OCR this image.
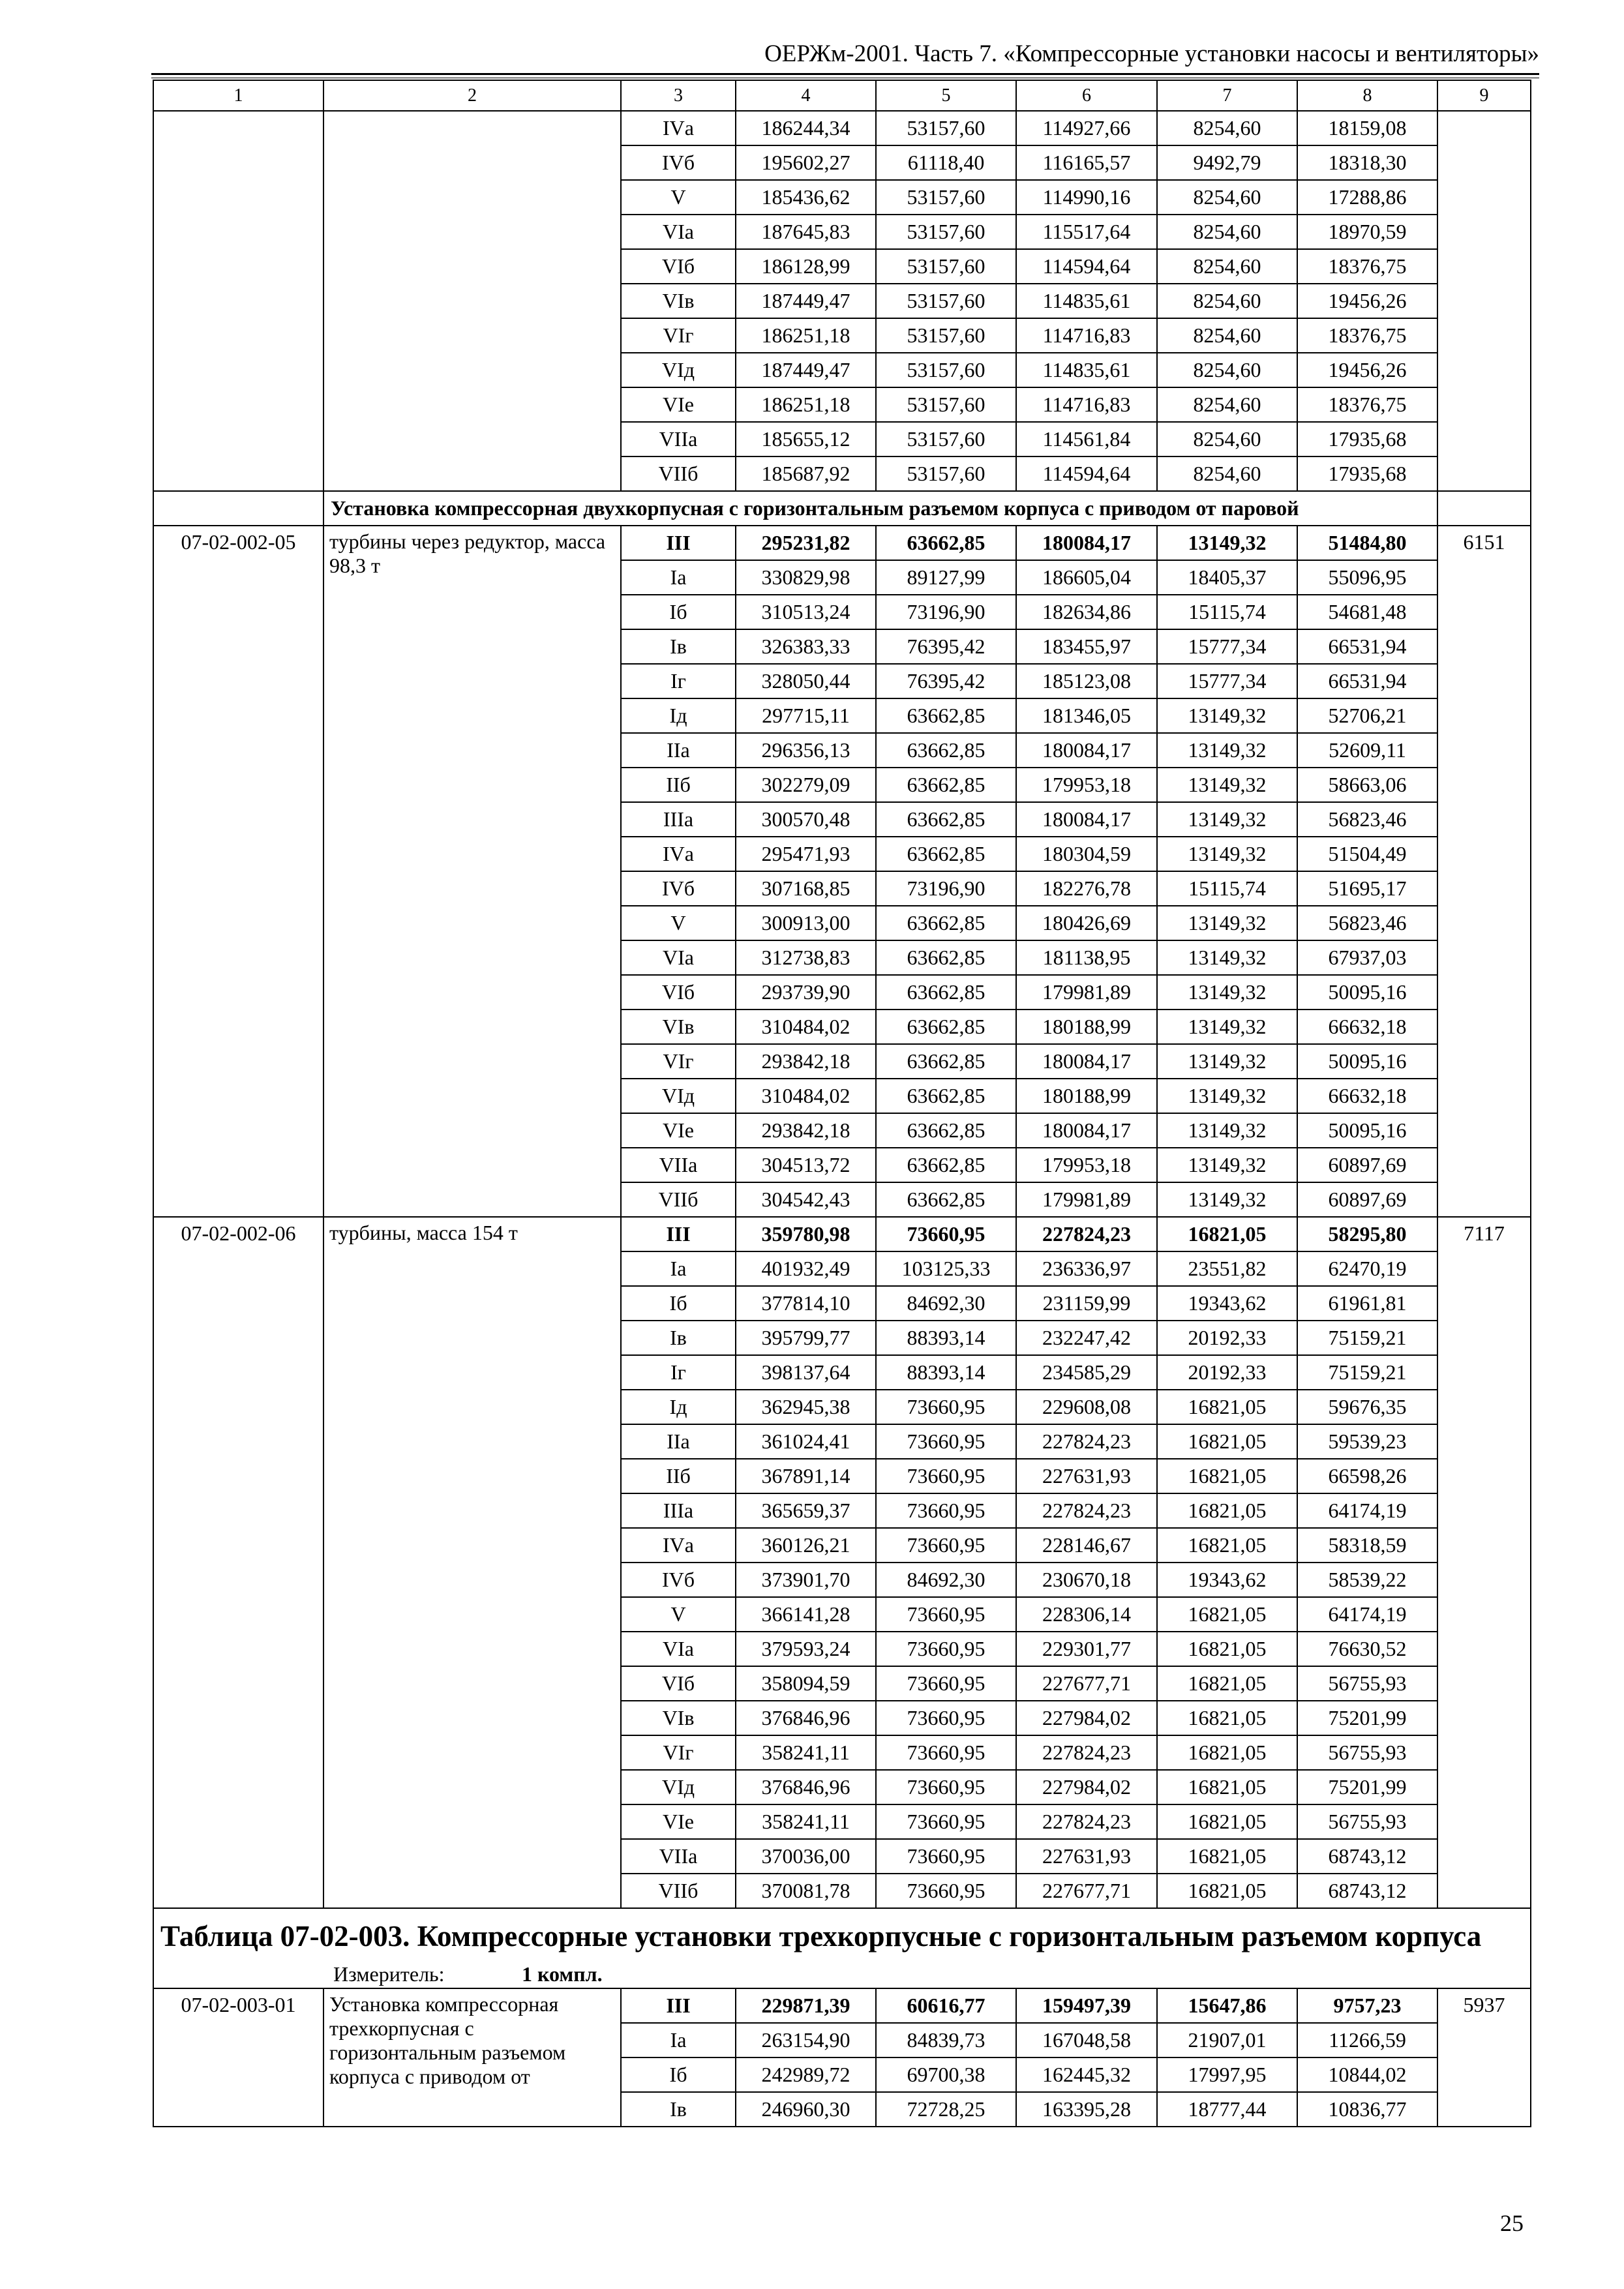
ОЕРЖм-2001. Часть 7. «Компрессорные установки насосы и вентиляторы»
1	2	3	4	5	6	7	8	9
		IVа	186244,34	53157,60	114927,66	8254,60	18159,08	
		IVб	195602,27	61118,40	116165,57	9492,79	18318,30	
		V	185436,62	53157,60	114990,16	8254,60	17288,86	
		VIа	187645,83	53157,60	115517,64	8254,60	18970,59	
		VIб	186128,99	53157,60	114594,64	8254,60	18376,75	
		VIв	187449,47	53157,60	114835,61	8254,60	19456,26	
		VIг	186251,18	53157,60	114716,83	8254,60	18376,75	
		VIд	187449,47	53157,60	114835,61	8254,60	19456,26	
		VIе	186251,18	53157,60	114716,83	8254,60	18376,75	
		VIIа	185655,12	53157,60	114561,84	8254,60	17935,68	
		VIIб	185687,92	53157,60	114594,64	8254,60	17935,68	
	Установка компрессорная двухкорпусная с горизонтальным разъемом корпуса с приводом от паровой							
07-02-002-05	турбины через редуктор, масса 98,3 т	III	295231,82	63662,85	180084,17	13149,32	51484,80	6151
		Iа	330829,98	89127,99	186605,04	18405,37	55096,95	
		Iб	310513,24	73196,90	182634,86	15115,74	54681,48	
		Iв	326383,33	76395,42	183455,97	15777,34	66531,94	
		Iг	328050,44	76395,42	185123,08	15777,34	66531,94	
		Iд	297715,11	63662,85	181346,05	13149,32	52706,21	
		IIа	296356,13	63662,85	180084,17	13149,32	52609,11	
		IIб	302279,09	63662,85	179953,18	13149,32	58663,06	
		IIIа	300570,48	63662,85	180084,17	13149,32	56823,46	
		IVа	295471,93	63662,85	180304,59	13149,32	51504,49	
		IVб	307168,85	73196,90	182276,78	15115,74	51695,17	
		V	300913,00	63662,85	180426,69	13149,32	56823,46	
		VIа	312738,83	63662,85	181138,95	13149,32	67937,03	
		VIб	293739,90	63662,85	179981,89	13149,32	50095,16	
		VIв	310484,02	63662,85	180188,99	13149,32	66632,18	
		VIг	293842,18	63662,85	180084,17	13149,32	50095,16	
		VIд	310484,02	63662,85	180188,99	13149,32	66632,18	
		VIе	293842,18	63662,85	180084,17	13149,32	50095,16	
		VIIа	304513,72	63662,85	179953,18	13149,32	60897,69	
		VIIб	304542,43	63662,85	179981,89	13149,32	60897,69	
07-02-002-06	турбины, масса 154 т	III	359780,98	73660,95	227824,23	16821,05	58295,80	7117
		Iа	401932,49	103125,33	236336,97	23551,82	62470,19	
		Iб	377814,10	84692,30	231159,99	19343,62	61961,81	
		Iв	395799,77	88393,14	232247,42	20192,33	75159,21	
		Iг	398137,64	88393,14	234585,29	20192,33	75159,21	
		Iд	362945,38	73660,95	229608,08	16821,05	59676,35	
		IIа	361024,41	73660,95	227824,23	16821,05	59539,23	
		IIб	367891,14	73660,95	227631,93	16821,05	66598,26	
		IIIа	365659,37	73660,95	227824,23	16821,05	64174,19	
		IVа	360126,21	73660,95	228146,67	16821,05	58318,59	
		IVб	373901,70	84692,30	230670,18	19343,62	58539,22	
		V	366141,28	73660,95	228306,14	16821,05	64174,19	
		VIа	379593,24	73660,95	229301,77	16821,05	76630,52	
		VIб	358094,59	73660,95	227677,71	16821,05	56755,93	
		VIв	376846,96	73660,95	227984,02	16821,05	75201,99	
		VIг	358241,11	73660,95	227824,23	16821,05	56755,93	
		VIд	376846,96	73660,95	227984,02	16821,05	75201,99	
		VIе	358241,11	73660,95	227824,23	16821,05	56755,93	
		VIIа	370036,00	73660,95	227631,93	16821,05	68743,12	
		VIIб	370081,78	73660,95	227677,71	16821,05	68743,12	
Таблица 07-02-003. Компрессорные установки трехкорпусные с горизонтальным разъемом корпуса								
Измеритель: 1 компл.								
07-02-003-01	Установка компрессорная трехкорпусная с горизонтальным разъемом корпуса с приводом от	III	229871,39	60616,77	159497,39	15647,86	9757,23	5937
		Iа	263154,90	84839,73	167048,58	21907,01	11266,59	
		Iб	242989,72	69700,38	162445,32	17997,95	10844,02	
		Iв	246960,30	72728,25	163395,28	18777,44	10836,77	
25
